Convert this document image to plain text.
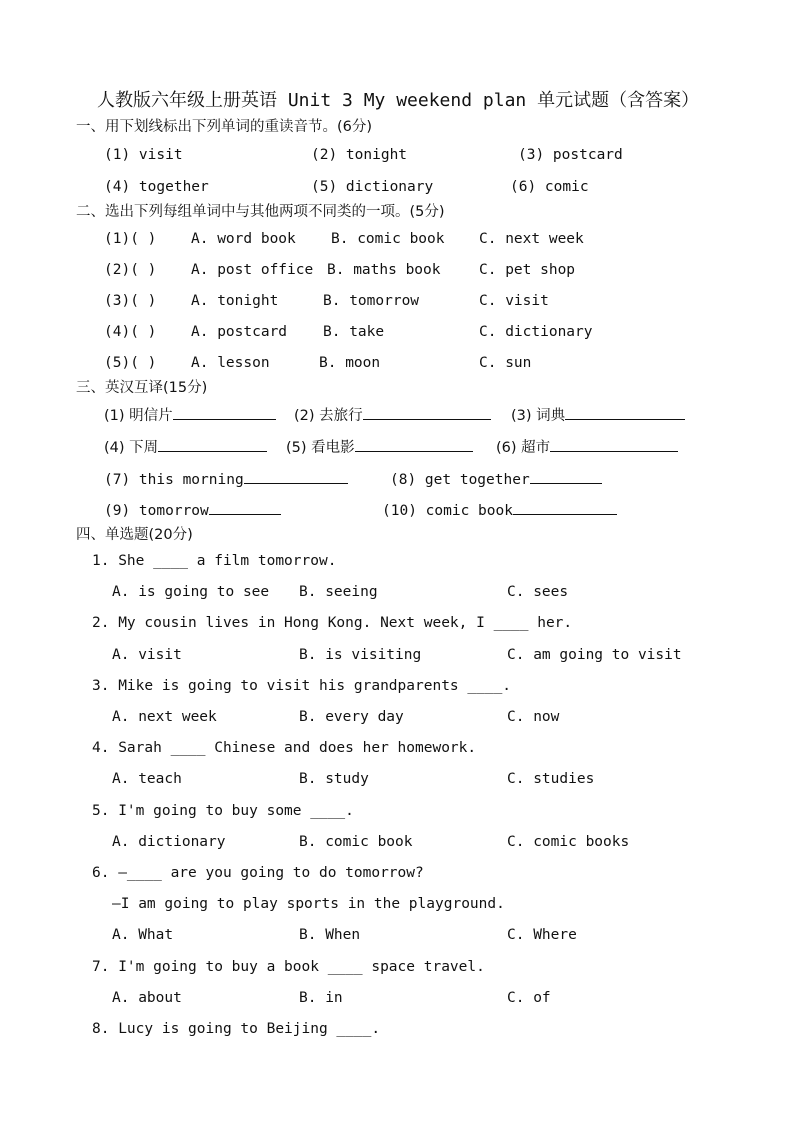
人教版六年级上册英语 Unit 3 My weekend plan 单元试题（含答案）
一、用下划线标出下列单词的重读音节。(6分)
(1) visit	(2) tonight	(3) postcard
(4) together	(5) dictionary	(6) comic
二、选出下列每组单词中与其他两项不同类的一项。(5分)
(1)( ) A. word book B. comic book C. next week
(2)( ) A. post office B. maths book	C. pet shop
(3)( ) A. tonight	B. tomorrow	C. visit
(4)( ) A. postcard B. take	C. dictionary
(5)( ) A. lesson	B. moon	C. sun
三、英汉互译(15分)
(1) 明信片	(2) 去旅行	(3) 词典
(4) 下周	(5) 看电影	(6) 超市
(7) this morning	(8) get together
(9) tomorrow	(10) comic book
四、单选题(20分)
1. She ____ a film tomorrow.
A. is going to see B. seeing	C. sees
2. My cousin lives in Hong Kong. Next week, I ____ her.
A. visit	B. is visiting	C. am going to visit
3. Mike is going to visit his grandparents ____.
A. next week	B. every day	C. now
4. Sarah ____ Chinese and does her homework.
A. teach	B. study	C. studies
5. I'm going to buy some ____.
A. dictionary	B. comic book	C. comic books
6. —____ are you going to do tomorrow?
—I am going to play sports in the playground.
A. What	B. When	C. Where
7. I'm going to buy a book ____ space travel.
A. about	B. in	C. of
8. Lucy is going to Beijing ____.
